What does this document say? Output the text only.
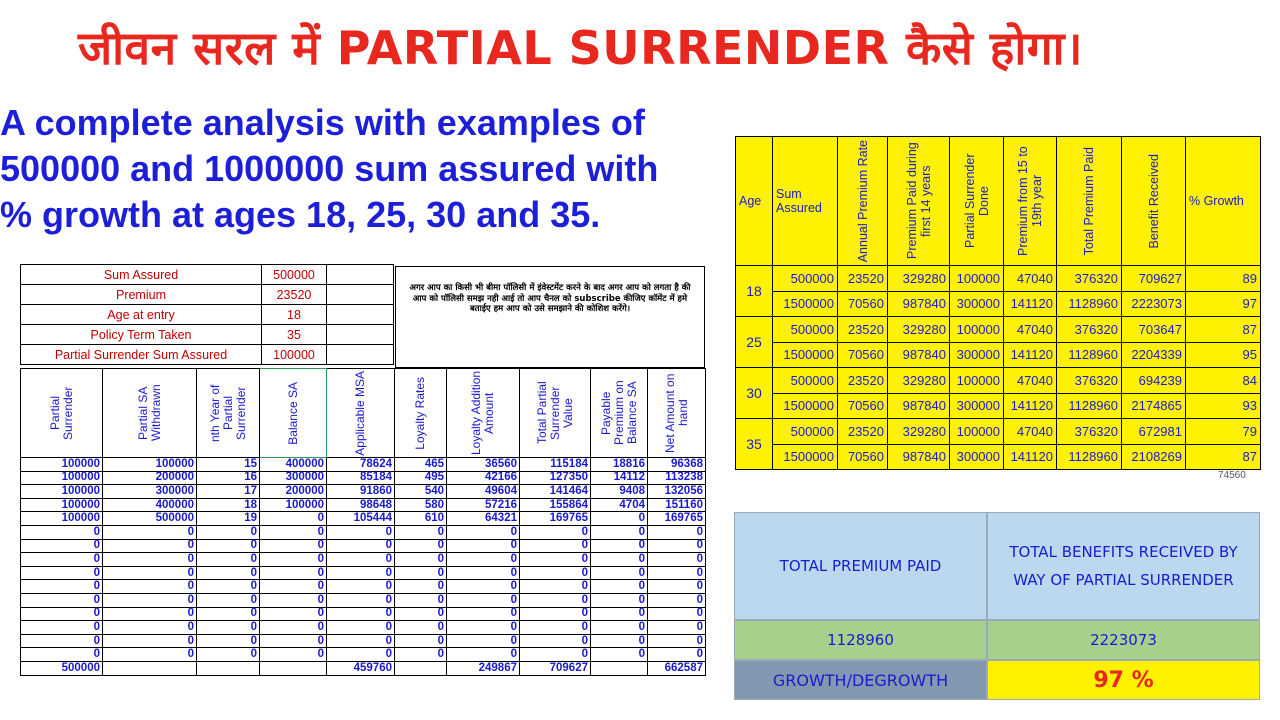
जीवन सरल में PARTIAL SURRENDER कैसे होगा।
A complete analysis with examples of
500000 and 1000000 sum assured with
% growth at ages 18, 25, 30 and 35.
Sum Assured	500000	
Premium	23520	
Age at entry	18	
Policy Term Taken	35	
Partial Surrender Sum Assured	100000	
अगर आप का किसी भी बीमा पॉलिसी में इंवेस्टमेंट करने के बाद अगर आप को लगता है की आप को पॉलिसी समझ नही आई तो आप चैनल को subscribe कीजिए कॉमेंट में हमे बताईए हम आप को उसे समझाने की कोशिश करेंगे।
Partial Surrender	Partial SA Withdrawn	nth Year of Partial Surrender	Balance SA	Applicable MSA	Loyalty Rates	Loyalty Addition Amount	Total Partial Surrender Value	Payable Premium on Balance SA	Net Amount on hand

100000	100000	15	400000	78624	465	36560	115184	18816	96368
100000	200000	16	300000	85184	495	42166	127350	14112	113238
100000	300000	17	200000	91860	540	49604	141464	9408	132056
100000	400000	18	100000	98648	580	57216	155864	4704	151160
100000	500000	19	0	105444	610	64321	169765	0	169765
0	0	0	0	0	0	0	0	0	0
0	0	0	0	0	0	0	0	0	0
0	0	0	0	0	0	0	0	0	0
0	0	0	0	0	0	0	0	0	0
0	0	0	0	0	0	0	0	0	0
0	0	0	0	0	0	0	0	0	0
0	0	0	0	0	0	0	0	0	0
0	0	0	0	0	0	0	0	0	0
0	0	0	0	0	0	0	0	0	0
0	0	0	0	0	0	0	0	0	0
500000				459760		249867	709627		662587
Age	Sum Assured	Annual Premium Rate	Premium Paid during first 14 years	Partial Surrender Done	Premium from 15 to 19th year	Total Premium Paid	Benefit Received	% Growth
18	500000	23520	329280	100000	47040	376320	709627	89
	1500000	70560	987840	300000	141120	1128960	2223073	97
25	500000	23520	329280	100000	47040	376320	703647	87
	1500000	70560	987840	300000	141120	1128960	2204339	95
30	500000	23520	329280	100000	47040	376320	694239	84
	1500000	70560	987840	300000	141120	1128960	2174865	93
35	500000	23520	329280	100000	47040	376320	672981	79
	1500000	70560	987840	300000	141120	1128960	2108269	87
74560
TOTAL PREMIUM PAID
TOTAL BENEFITS RECEIVED BY WAY OF PARTIAL SURRENDER
1128960	2223073
GROWTH/DEGROWTH	97 %
